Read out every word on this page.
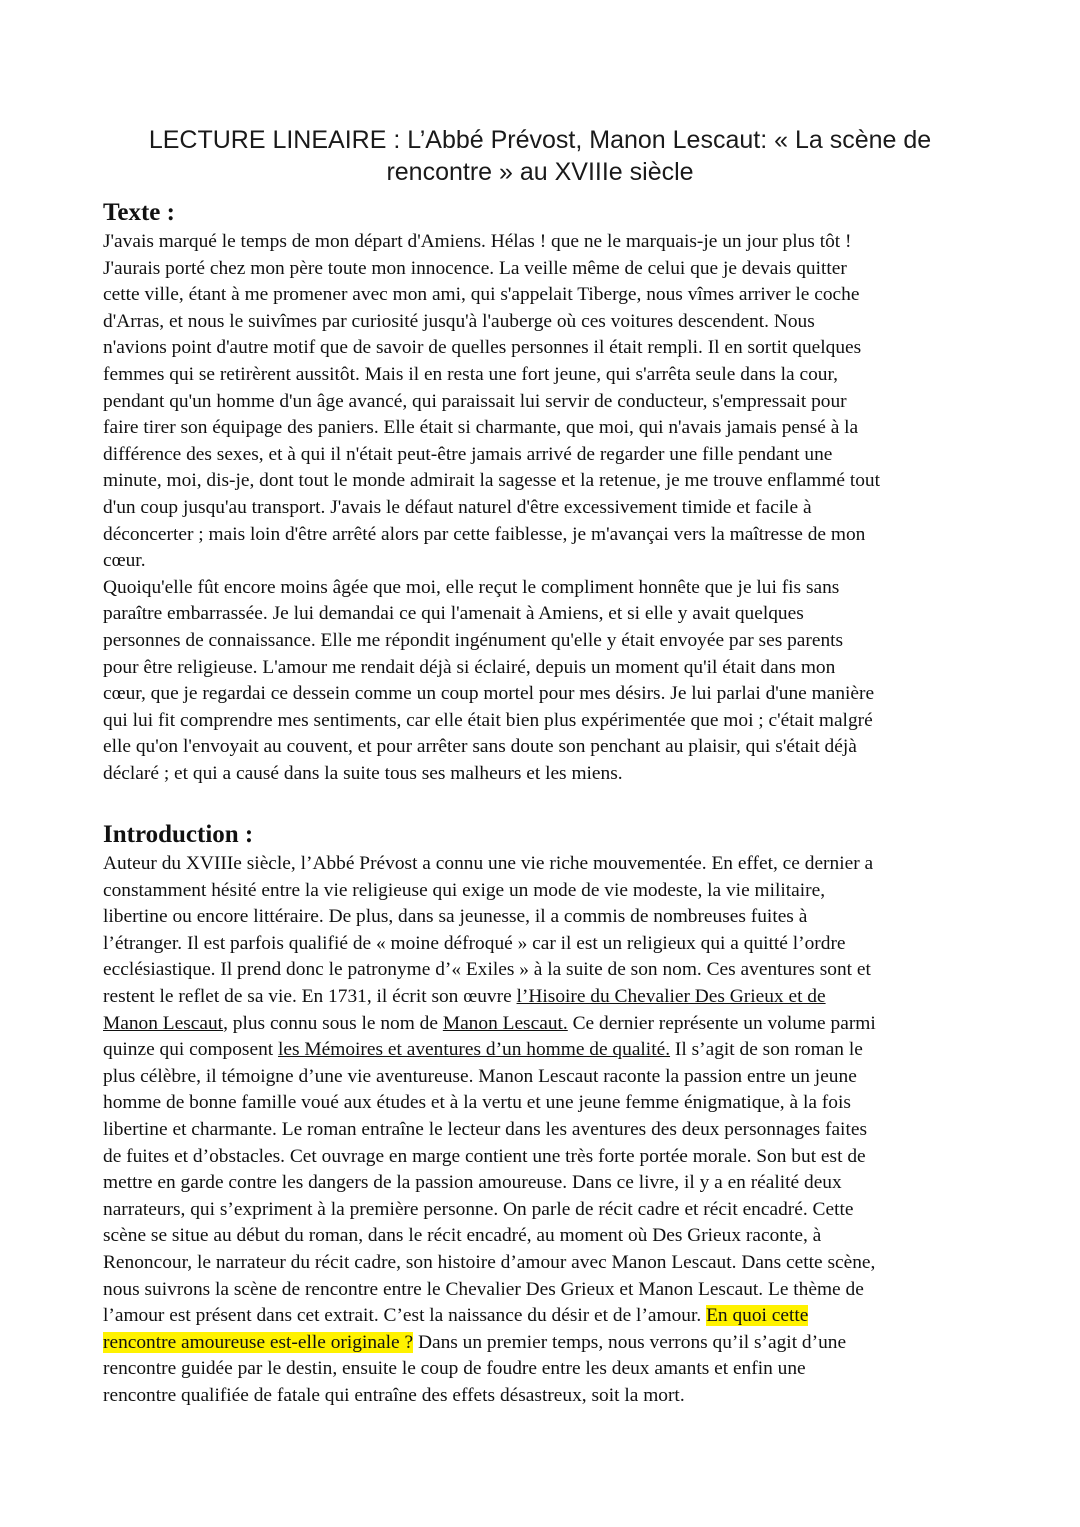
LECTURE LINEAIRE : L’Abbé Prévost, Manon Lescaut: « La scène de
rencontre » au XVIIIe siècle
Texte :
J'avais marqué le temps de mon départ d'Amiens. Hélas ! que ne le marquais-je un jour plus tôt !
J'aurais porté chez mon père toute mon innocence. La veille même de celui que je devais quitter
cette ville, étant à me promener avec mon ami, qui s'appelait Tiberge, nous vîmes arriver le coche
d'Arras, et nous le suivîmes par curiosité jusqu'à l'auberge où ces voitures descendent. Nous
n'avions point d'autre motif que de savoir de quelles personnes il était rempli. Il en sortit quelques
femmes qui se retirèrent aussitôt. Mais il en resta une fort jeune, qui s'arrêta seule dans la cour,
pendant qu'un homme d'un âge avancé, qui paraissait lui servir de conducteur, s'empressait pour
faire tirer son équipage des paniers. Elle était si charmante, que moi, qui n'avais jamais pensé à la
différence des sexes, et à qui il n'était peut-être jamais arrivé de regarder une fille pendant une
minute, moi, dis-je, dont tout le monde admirait la sagesse et la retenue, je me trouve enflammé tout
d'un coup jusqu'au transport. J'avais le défaut naturel d'être excessivement timide et facile à
déconcerter ; mais loin d'être arrêté alors par cette faiblesse, je m'avançai vers la maîtresse de mon
cœur.
Quoiqu'elle fût encore moins âgée que moi, elle reçut le compliment honnête que je lui fis sans
paraître embarrassée. Je lui demandai ce qui l'amenait à Amiens, et si elle y avait quelques
personnes de connaissance. Elle me répondit ingénument qu'elle y était envoyée par ses parents
pour être religieuse. L'amour me rendait déjà si éclairé, depuis un moment qu'il était dans mon
cœur, que je regardai ce dessein comme un coup mortel pour mes désirs. Je lui parlai d'une manière
qui lui fit comprendre mes sentiments, car elle était bien plus expérimentée que moi ; c'était malgré
elle qu'on l'envoyait au couvent, et pour arrêter sans doute son penchant au plaisir, qui s'était déjà
déclaré ; et qui a causé dans la suite tous ses malheurs et les miens.
Introduction :
Auteur du XVIIIe siècle, l’Abbé Prévost a connu une vie riche mouvementée. En effet, ce dernier a
constamment hésité entre la vie religieuse qui exige un mode de vie modeste, la vie militaire,
libertine ou encore littéraire. De plus, dans sa jeunesse, il a commis de nombreuses fuites à
l’étranger. Il est parfois qualifié de « moine défroqué » car il est un religieux qui a quitté l’ordre
ecclésiastique. Il prend donc le patronyme d’« Exiles » à la suite de son nom. Ces aventures sont et
restent le reflet de sa vie. En 1731, il écrit son œuvre l’Hisoire du Chevalier Des Grieux et de
Manon Lescaut, plus connu sous le nom de Manon Lescaut. Ce dernier représente un volume parmi
quinze qui composent les Mémoires et aventures d’un homme de qualité. Il s’agit de son roman le
plus célèbre, il témoigne d’une vie aventureuse. Manon Lescaut raconte la passion entre un jeune
homme de bonne famille voué aux études et à la vertu et une jeune femme énigmatique, à la fois
libertine et charmante. Le roman entraîne le lecteur dans les aventures des deux personnages faites
de fuites et d’obstacles. Cet ouvrage en marge contient une très forte portée morale. Son but est de
mettre en garde contre les dangers de la passion amoureuse. Dans ce livre, il y a en réalité deux
narrateurs, qui s’expriment à la première personne. On parle de récit cadre et récit encadré. Cette
scène se situe au début du roman, dans le récit encadré, au moment où Des Grieux raconte, à
Renoncour, le narrateur du récit cadre, son histoire d’amour avec Manon Lescaut. Dans cette scène,
nous suivrons la scène de rencontre entre le Chevalier Des Grieux et Manon Lescaut. Le thème de
l’amour est présent dans cet extrait. C’est la naissance du désir et de l’amour. En quoi cette
rencontre amoureuse est-elle originale ? Dans un premier temps, nous verrons qu’il s’agit d’une
rencontre guidée par le destin, ensuite le coup de foudre entre les deux amants et enfin une
rencontre qualifiée de fatale qui entraîne des effets désastreux, soit la mort.
